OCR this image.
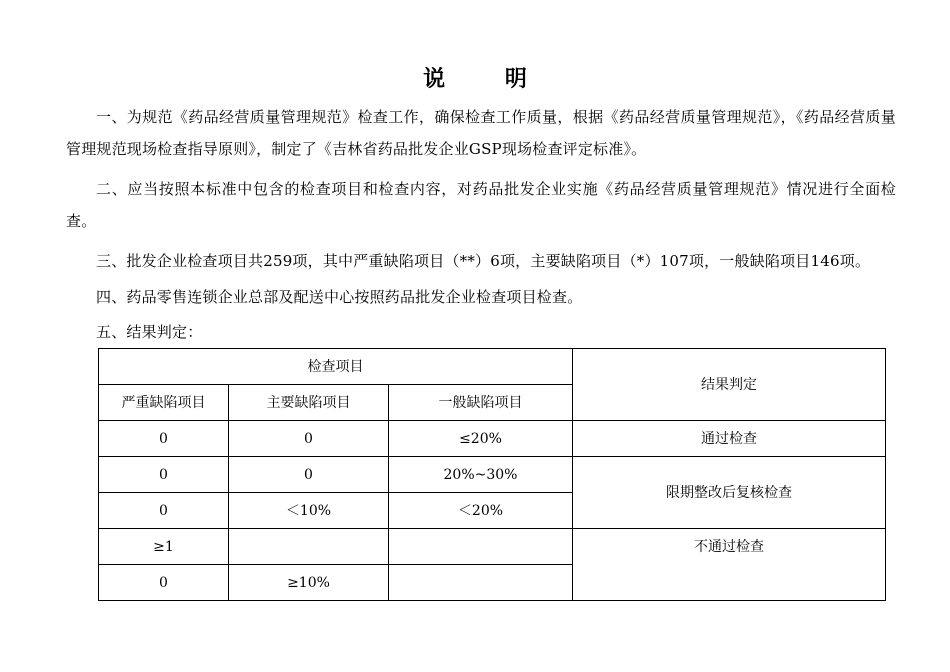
说 明

一、为规范《药品经营质量管理规范》检查工作，确保检查工作质量，根据《药品经营质量管理规范》，《药品经营质量管理规范现场检查指导原则》，制定了《吉林省药品批发企业GSP现场检查评定标准》。

二、应当按照本标准中包含的检查项目和检查内容，对药品批发企业实施《药品经营质量管理规范》情况进行全面检查。

三、批发企业检查项目共259项，其中严重缺陷项目（**）6项，主要缺陷项目（*）107项，一般缺陷项目146项。

四、药品零售连锁企业总部及配送中心按照药品批发企业检查项目检查。

五、结果判定：

检查项目			结果判定
严重缺陷项目	主要缺陷项目	一般缺陷项目	
0	0	≤20%	通过检查
0	0	20%~30%	限期整改后复核检查
0	＜10%	＜20%	
≥1			不通过检查
0	≥10%		
